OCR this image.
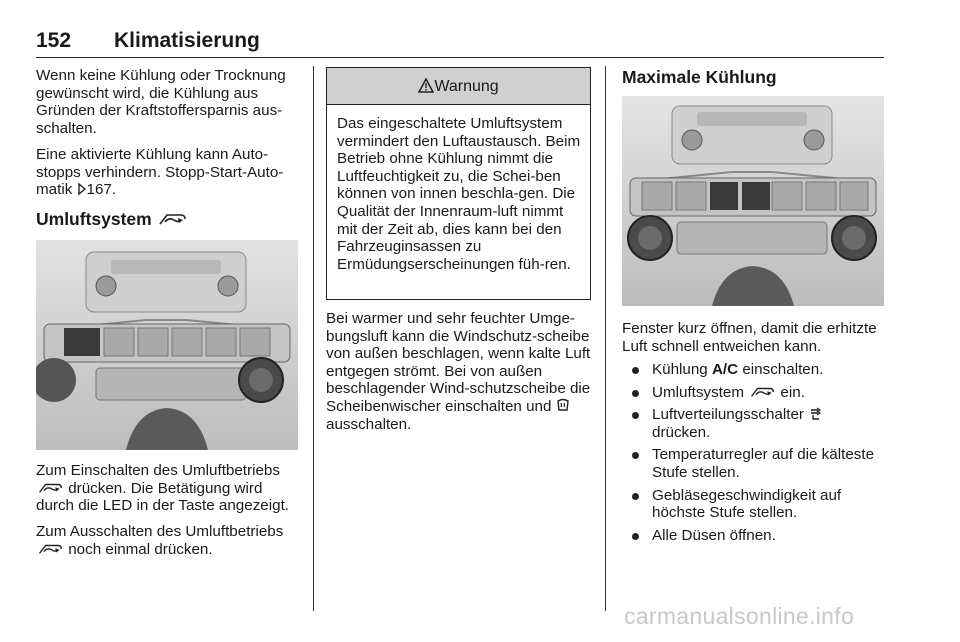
152 Klimatisierung

Wenn keine Kühlung oder Trocknung gewünscht wird, die Kühlung aus Gründen der Kraftstoffersparnis aus-schalten.

Eine aktivierte Kühlung kann Auto-stopps verhindern. Stopp-Start-Auto-matik 167.

Umluftsystem

Zum Einschalten des Umluftbetriebs
drücken. Die Betätigung wird durch die LED in der Taste angezeigt.

Zum Ausschalten des Umluftbetriebs
noch einmal drücken.

Warnung

Das eingeschaltete Umluftsystem vermindert den Luftaustausch. Beim Betrieb ohne Kühlung nimmt die Luftfeuchtigkeit zu, die Schei-ben können von innen beschla-gen. Die Qualität der Innenraum-luft nimmt mit der Zeit ab, dies kann bei den Fahrzeuginsassen zu Ermüdungserscheinungen füh-ren.

Bei warmer und sehr feuchter Umge-bungsluft kann die Windschutz-scheibe von außen beschlagen, wenn kalte Luft entgegen strömt. Bei von außen beschlagender Wind-schutzscheibe die Scheibenwischer einschalten und  ausschalten.

Maximale Kühlung

Fenster kurz öffnen, damit die erhitzte Luft schnell entweichen kann.

Kühlung A/C einschalten.
Umluftsystem  ein.
Luftverteilungsschalter
drücken.
Temperaturregler auf die kälteste Stufe stellen.
Gebläsegeschwindigkeit auf höchste Stufe stellen.
Alle Düsen öffnen.
carmanualsonline.info
